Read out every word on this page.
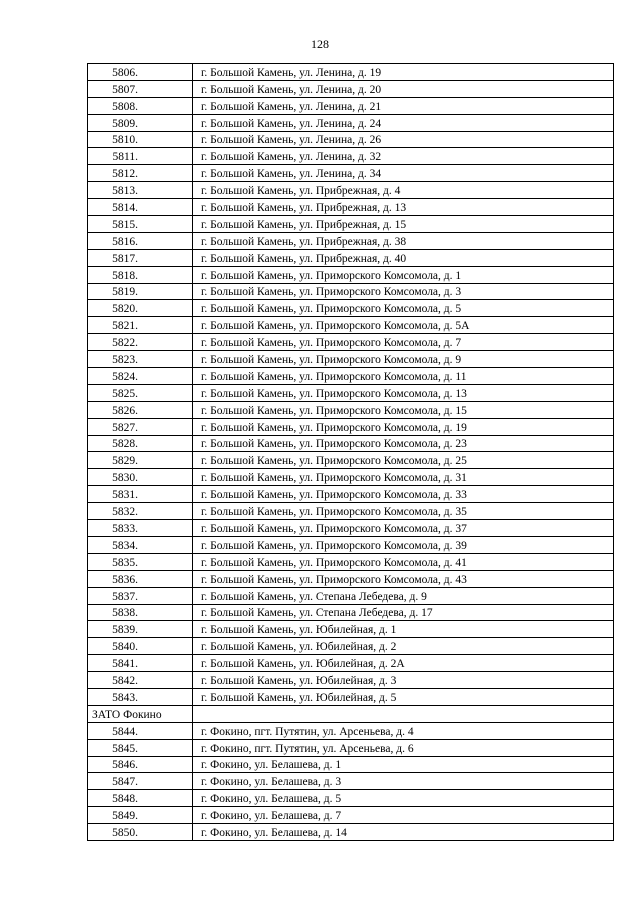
128
5806.	г. Большой Камень, ул. Ленина, д. 19
5807.	г. Большой Камень, ул. Ленина, д. 20
5808.	г. Большой Камень, ул. Ленина, д. 21
5809.	г. Большой Камень, ул. Ленина, д. 24
5810.	г. Большой Камень, ул. Ленина, д. 26
5811.	г. Большой Камень, ул. Ленина, д. 32
5812.	г. Большой Камень, ул. Ленина, д. 34
5813.	г. Большой Камень, ул. Прибрежная, д. 4
5814.	г. Большой Камень, ул. Прибрежная, д. 13
5815.	г. Большой Камень, ул. Прибрежная, д. 15
5816.	г. Большой Камень, ул. Прибрежная, д. 38
5817.	г. Большой Камень, ул. Прибрежная, д. 40
5818.	г. Большой Камень, ул. Приморского Комсомола, д. 1
5819.	г. Большой Камень, ул. Приморского Комсомола, д. 3
5820.	г. Большой Камень, ул. Приморского Комсомола, д. 5
5821.	г. Большой Камень, ул. Приморского Комсомола, д. 5А
5822.	г. Большой Камень, ул. Приморского Комсомола, д. 7
5823.	г. Большой Камень, ул. Приморского Комсомола, д. 9
5824.	г. Большой Камень, ул. Приморского Комсомола, д. 11
5825.	г. Большой Камень, ул. Приморского Комсомола, д. 13
5826.	г. Большой Камень, ул. Приморского Комсомола, д. 15
5827.	г. Большой Камень, ул. Приморского Комсомола, д. 19
5828.	г. Большой Камень, ул. Приморского Комсомола, д. 23
5829.	г. Большой Камень, ул. Приморского Комсомола, д. 25
5830.	г. Большой Камень, ул. Приморского Комсомола, д. 31
5831.	г. Большой Камень, ул. Приморского Комсомола, д. 33
5832.	г. Большой Камень, ул. Приморского Комсомола, д. 35
5833.	г. Большой Камень, ул. Приморского Комсомола, д. 37
5834.	г. Большой Камень, ул. Приморского Комсомола, д. 39
5835.	г. Большой Камень, ул. Приморского Комсомола, д. 41
5836.	г. Большой Камень, ул. Приморского Комсомола, д. 43
5837.	г. Большой Камень, ул. Степана Лебедева, д. 9
5838.	г. Большой Камень, ул. Степана Лебедева, д. 17
5839.	г. Большой Камень, ул. Юбилейная, д. 1
5840.	г. Большой Камень, ул. Юбилейная, д. 2
5841.	г. Большой Камень, ул. Юбилейная, д. 2А
5842.	г. Большой Камень, ул. Юбилейная, д. 3
5843.	г. Большой Камень, ул. Юбилейная, д. 5
ЗАТО Фокино	
5844.	г. Фокино, пгт. Путятин, ул. Арсеньева, д. 4
5845.	г. Фокино, пгт. Путятин, ул. Арсеньева, д. 6
5846.	г. Фокино, ул. Белашева, д. 1
5847.	г. Фокино, ул. Белашева, д. 3
5848.	г. Фокино, ул. Белашева, д. 5
5849.	г. Фокино, ул. Белашева, д. 7
5850.	г. Фокино, ул. Белашева, д. 14
